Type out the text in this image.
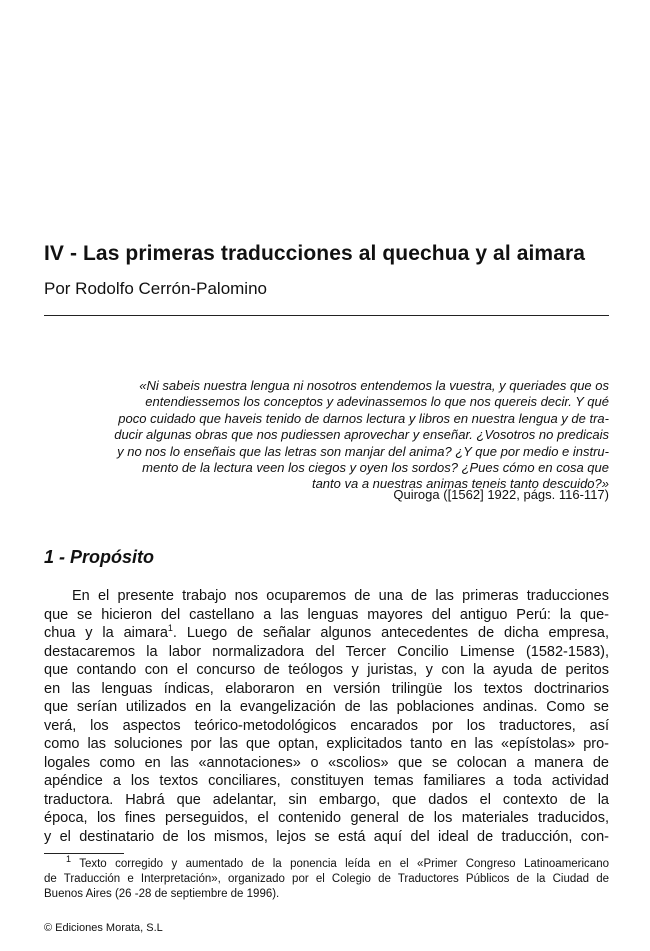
IV - Las primeras traducciones al quechua y al aimara

Por Rodolfo Cerrón-Palomino

«Ni sabeis nuestra lengua ni nosotros entendemos la vuestra, y queriades que os
entendiessemos los conceptos y adevinassemos lo que nos quereis decir. Y qué
poco cuidado que haveis tenido de darnos lectura y libros en nuestra lengua y de tra-
ducir algunas obras que nos pudiessen aprovechar y enseñar. ¿Vosotros no predicais
y no nos lo enseñais que las letras son manjar del anima? ¿Y que por medio e instru-
mento de la lectura veen los ciegos y oyen los sordos? ¿Pues cómo en cosa que
tanto va a nuestras animas teneis tanto descuido?»

Quiroga ([1562] 1922, págs. 116-117)

1 - Propósito
En el presente trabajo nos ocuparemos de una de las primeras traducciones
que se hicieron del castellano a las lenguas mayores del antiguo Perú: la que-
chua y la aimara$^1$. Luego de señalar algunos antecedentes de dicha empresa,
destacaremos la labor normalizadora del Tercer Concilio Limense (1582-1583),
que contando con el concurso de teólogos y juristas, y con la ayuda de peritos
en las lenguas índicas, elaboraron en versión trilingüe los textos doctrinarios
que serían utilizados en la evangelización de las poblaciones andinas. Como se
verá, los aspectos teórico-metodológicos encarados por los traductores, así
como las soluciones por las que optan, explicitados tanto en las «epístolas» pro-
logales como en las «annotaciones» o «scolios» que se colocan a manera de
apéndice a los textos conciliares, constituyen temas familiares a toda actividad
traductora. Habrá que adelantar, sin embargo, que dados el contexto de la
época, los fines perseguidos, el contenido general de los materiales traducidos,
y el destinatario de los mismos, lejos se está aquí del ideal de traducción, con-
$^1$ Texto corregido y aumentado de la ponencia leída en el «Primer Congreso Latinoamericano
de Traducción e Interpretación», organizado por el Colegio de Traductores Públicos de la Ciudad de
Buenos Aires (26 -28 de septiembre de 1996).

© Ediciones Morata, S.L
